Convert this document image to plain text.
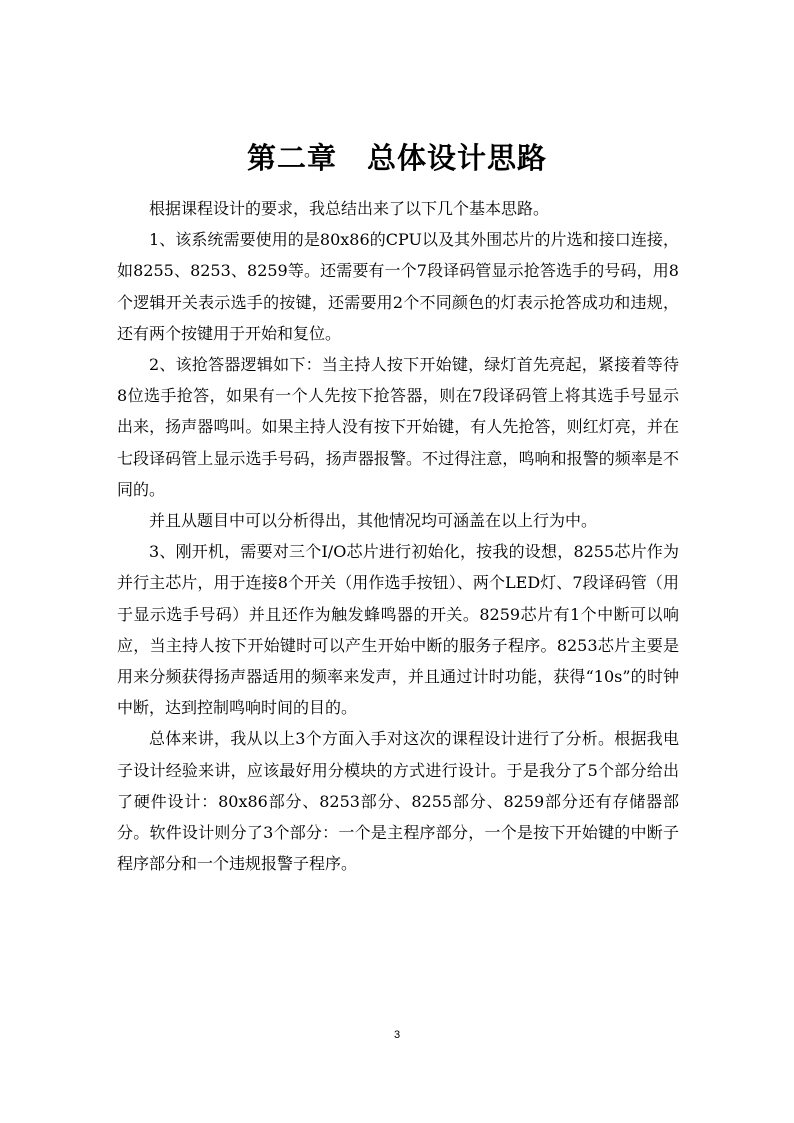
第二章　总体设计思路

根据课程设计的要求，我总结出来了以下几个基本思路。

1、该系统需要使用的是80x86的CPU以及其外围芯片的片选和接口连接，如8255、8253、8259等。还需要有一个7段译码管显示抢答选手的号码，用8个逻辑开关表示选手的按键，还需要用2个不同颜色的灯表示抢答成功和违规，还有两个按键用于开始和复位。

2、该抢答器逻辑如下：当主持人按下开始键，绿灯首先亮起，紧接着等待8位选手抢答，如果有一个人先按下抢答器，则在7段译码管上将其选手号显示出来，扬声器鸣叫。如果主持人没有按下开始键，有人先抢答，则红灯亮，并在七段译码管上显示选手号码，扬声器报警。不过得注意，鸣响和报警的频率是不同的。

并且从题目中可以分析得出，其他情况均可涵盖在以上行为中。

3、刚开机，需要对三个I/O芯片进行初始化，按我的设想，8255芯片作为并行主芯片，用于连接8个开关（用作选手按钮）、两个LED灯、7段译码管（用于显示选手号码）并且还作为触发蜂鸣器的开关。8259芯片有1个中断可以响应，当主持人按下开始键时可以产生开始中断的服务子程序。8253芯片主要是用来分频获得扬声器适用的频率来发声，并且通过计时功能，获得“10s”的时钟中断，达到控制鸣响时间的目的。

总体来讲，我从以上3个方面入手对这次的课程设计进行了分析。根据我电子设计经验来讲，应该最好用分模块的方式进行设计。于是我分了5个部分给出了硬件设计：80x86部分、8253部分、8255部分、8259部分还有存储器部分。软件设计则分了3个部分：一个是主程序部分，一个是按下开始键的中断子程序部分和一个违规报警子程序。

3
